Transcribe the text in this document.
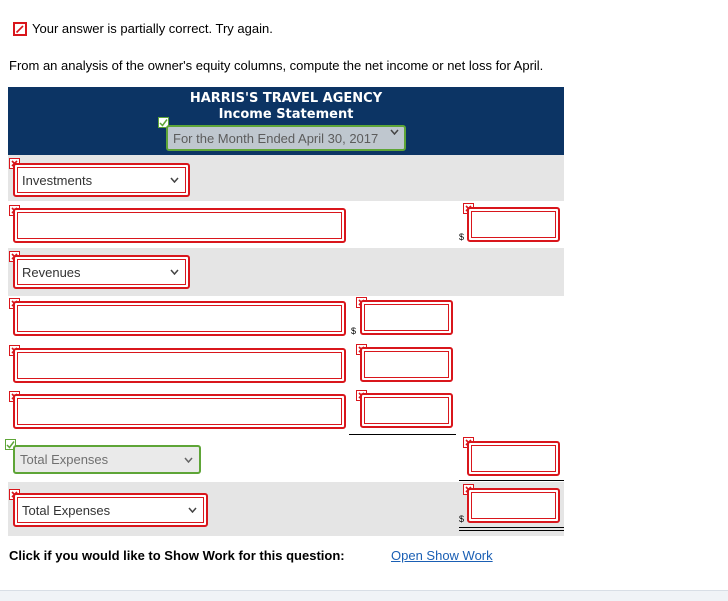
Your answer is partially correct. Try again.
From an analysis of the owner's equity columns, compute the net income or net loss for April.
HARRIS'S TRAVEL AGENCY
Income Statement
For the Month Ended April 30, 2017
Investments
$
Revenues
$
Total Expenses
Total Expenses
$
Click if you would like to Show Work for this question:	Open Show Work
